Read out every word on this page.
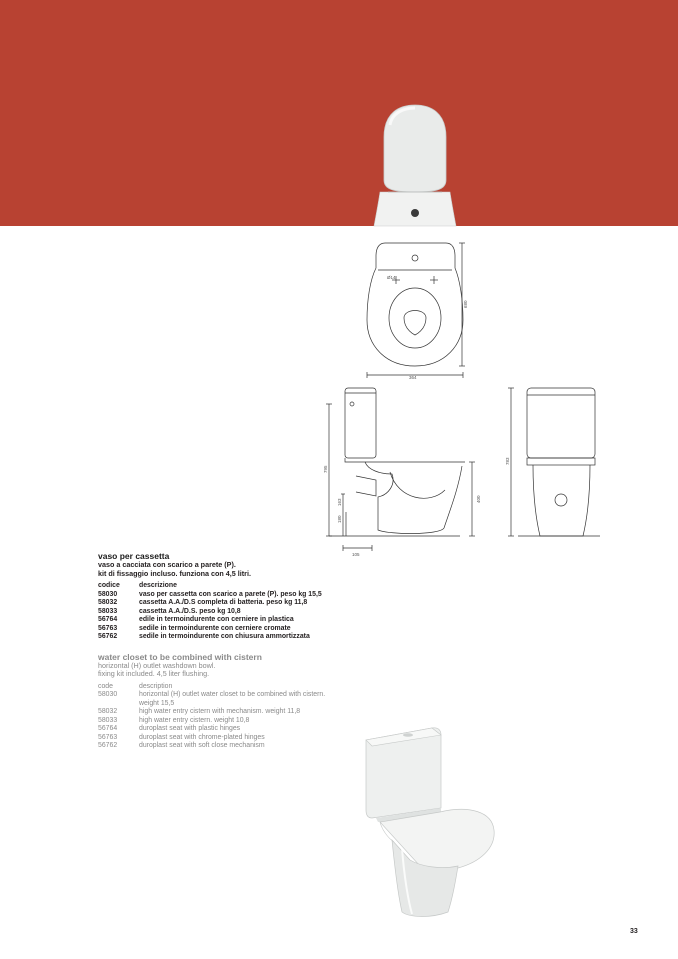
Ø14
680
364
795
163
180
400
105
783
vaso per cassetta
vaso a cacciata con scarico a parete (P).
kit di fissaggio incluso. funziona con 4,5 litri.
codice	descrizione
58030	vaso per cassetta con scarico a parete (P). peso kg 15,5
58032	cassetta A.A./D.S completa di batteria. peso kg 11,8
58033	cassetta A.A./D.S. peso kg 10,8
56764	edile in termoindurente con cerniere in plastica
56763	sedile in termoindurente con cerniere cromate
56762	sedile in termoindurente con chiusura ammortizzata
water closet to be combined with cistern
horizontal (H) outlet washdown bowl.
fixing kit included. 4,5 liter flushing.
code	description
58030	horizontal (H) outlet water closet to be combined with cistern.
	weight 15,5
58032	high water entry cistern with mechanism. weight 11,8
58033	high water entry cistern. weight 10,8
56764	duroplast seat with plastic hinges
56763	duroplast seat with chrome-plated hinges
56762	duroplast seat with soft close mechanism
33
